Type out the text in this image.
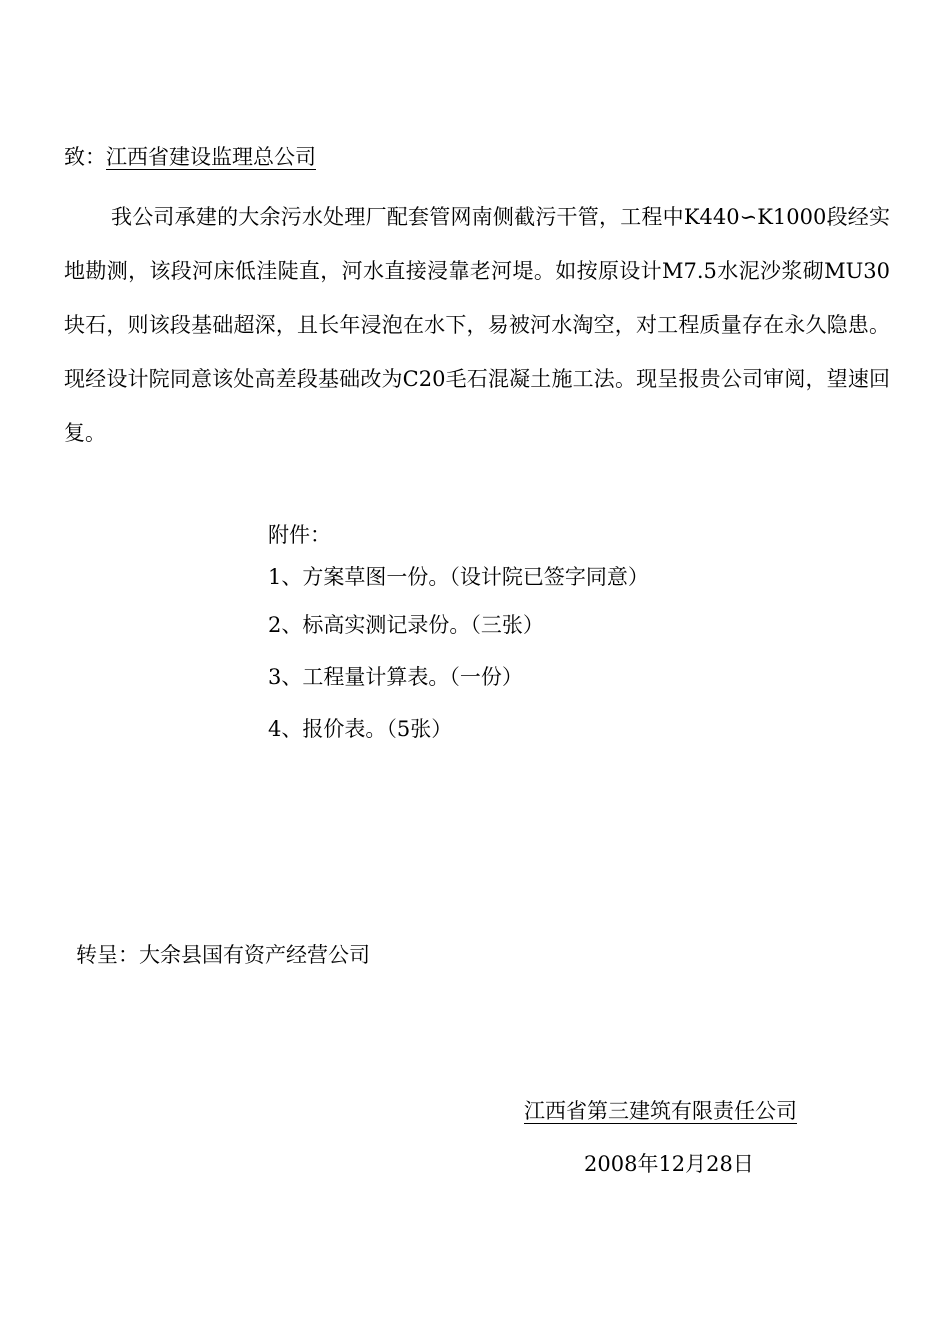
致：江西省建设监理总公司

我公司承建的大余污水处理厂配套管网南侧截污干管，工程中K440∽K1000段经实地勘测，该段河床低洼陡直，河水直接浸靠老河堤。如按原设计M7.5水泥沙浆砌MU30块石，则该段基础超深，且长年浸泡在水下，易被河水淘空，对工程质量存在永久隐患。现经设计院同意该处高差段基础改为C20毛石混凝土施工法。现呈报贵公司审阅，望速回复。

附件：

1、方案草图一份。（设计院已签字同意）

2、标高实测记录份。（三张）

3、工程量计算表。（一份）

4、报价表。（5张）

转呈：大余县国有资产经营公司
江西省第三建筑有限责任公司
2008年12月28日
